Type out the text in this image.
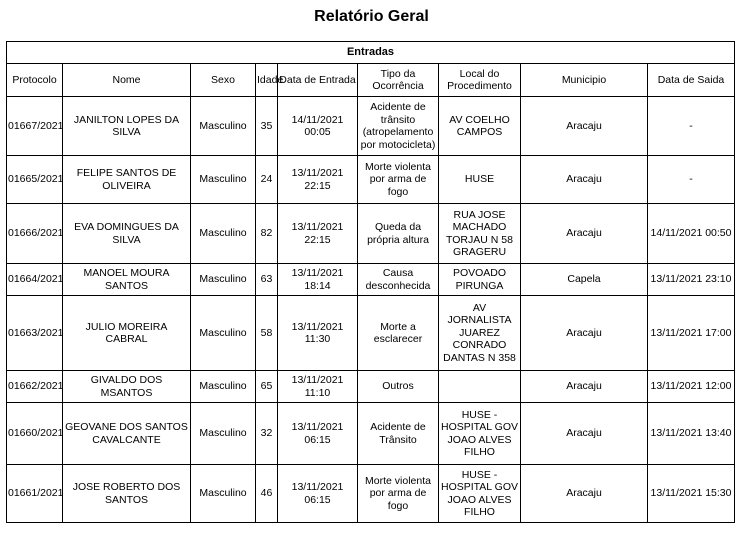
Relatório Geral
Entradas								
Protocolo	Nome	Sexo	Idade	Data de Entrada	Tipo da Ocorrência	Local do Procedimento	Municipio	Data de Saida
01667/2021	JANILTON LOPES DA SILVA	Masculino	35	14/11/2021 00:05	Acidente de trânsito (atropelamento por motocicleta)	AV COELHO CAMPOS	Aracaju	-
01665/2021	FELIPE SANTOS DE OLIVEIRA	Masculino	24	13/11/2021 22:15	Morte violenta por arma de fogo	HUSE	Aracaju	-
01666/2021	EVA DOMINGUES DA SILVA	Masculino	82	13/11/2021 22:15	Queda da própria altura	RUA JOSE MACHADO TORJAU N 58 GRAGERU	Aracaju	14/11/2021 00:50
01664/2021	MANOEL MOURA SANTOS	Masculino	63	13/11/2021 18:14	Causa desconhecida	POVOADO PIRUNGA	Capela	13/11/2021 23:10
01663/2021	JULIO MOREIRA CABRAL	Masculino	58	13/11/2021 11:30	Morte a esclarecer	AV JORNALISTA JUAREZ CONRADO DANTAS N 358	Aracaju	13/11/2021 17:00
01662/2021	GIVALDO DOS MSANTOS	Masculino	65	13/11/2021 11:10	Outros		Aracaju	13/11/2021 12:00
01660/2021	GEOVANE DOS SANTOS CAVALCANTE	Masculino	32	13/11/2021 06:15	Acidente de Trânsito	HUSE - HOSPITAL GOV JOAO ALVES FILHO	Aracaju	13/11/2021 13:40
01661/2021	JOSE ROBERTO DOS SANTOS	Masculino	46	13/11/2021 06:15	Morte violenta por arma de fogo	HUSE - HOSPITAL GOV JOAO ALVES FILHO	Aracaju	13/11/2021 15:30
